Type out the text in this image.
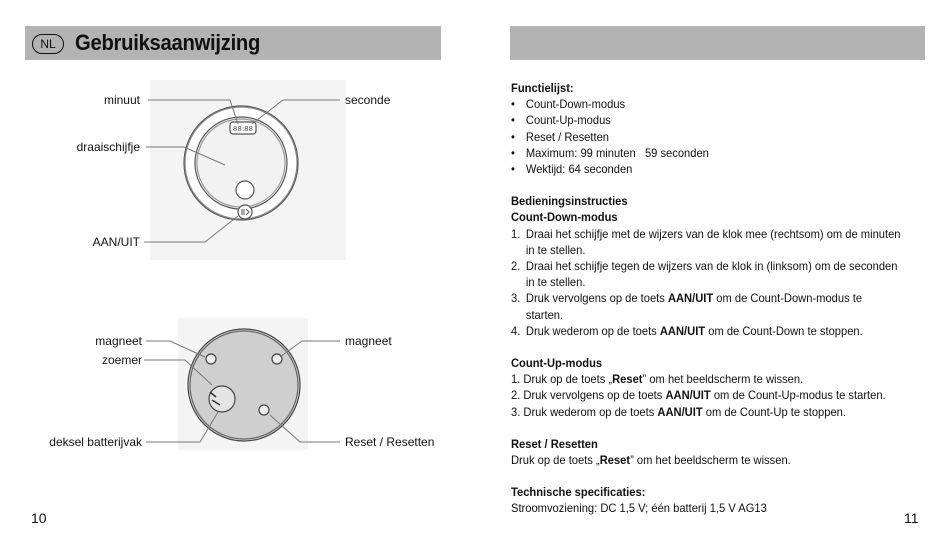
NL Gebruiksaanwijzing
88:88
minuut
draaischijfje
AAN/UIT
seconde
magneet
zoemer
deksel batterijvak
magneet
Reset / Resetten
Functielijst:
• Count-Down-modus
• Count-Up-modus
• Reset / Resetten
• Maximum: 99 minuten   59 seconden
• Wektijd: 64 seconden
Bedieningsinstructies
Count-Down-modus
1. Draai het schijfje met de wijzers van de klok mee (rechtsom) om de minuten in te stellen.
2. Draai het schijfje tegen de wijzers van de klok in (linksom) om de seconden in te stellen.
3. Druk vervolgens op de toets AAN/UIT om de Count-Down-modus te starten.
4. Druk wederom op de toets AAN/UIT om de Count-Down te stoppen.
Count-Up-modus
1. Druk op de toets „Reset” om het beeldscherm te wissen.
2. Druk vervolgens op de toets AAN/UIT om de Count-Up-modus te starten.
3. Druk wederom op de toets AAN/UIT om de Count-Up te stoppen.
Reset / Resetten
Druk op de toets „Reset” om het beeldscherm te wissen.
Technische specificaties:
Stroomvoziening: DC 1,5 V; één batterij 1,5 V AG13
10	11
